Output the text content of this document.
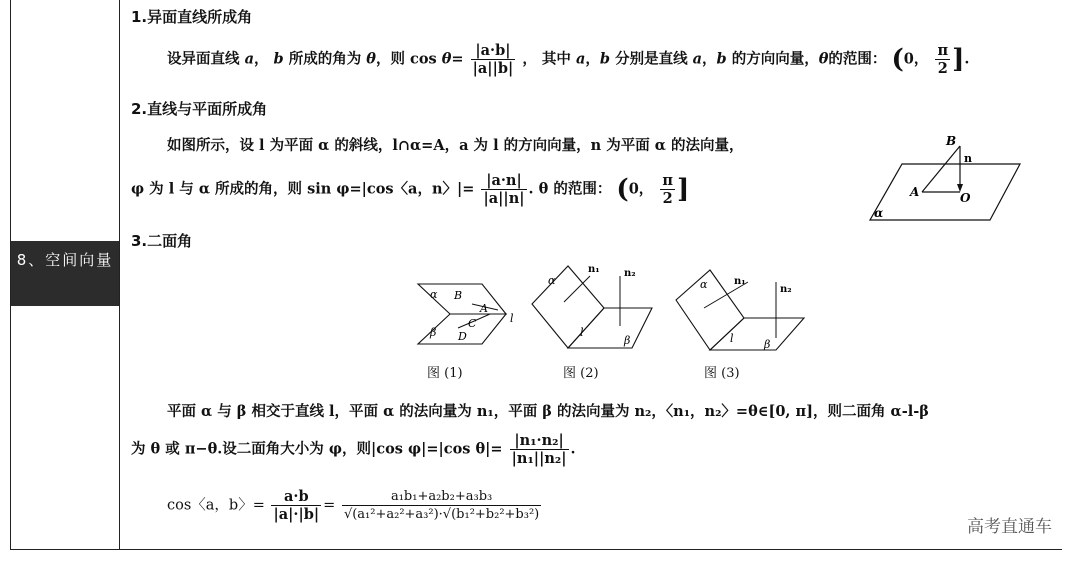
8、空间向量
1.异面直线所成角
设异面直线 a， b 所成的角为 θ，则 $\cos \theta= \frac{|a\cdot b|}{|a||b|}$ ， 其中 a，b 分别是直线 a，b 的方向向量，θ的范围： (0， $\frac{\pi}{2}$ ].
2.直线与平面所成角
如图所示，设 l 为平面 α 的斜线，l∩α=A，a 为 l 的方向向量，n 为平面 α 的法向量，
φ 为 l 与 α 所成的角，则 sin φ=|cos〈a，n〉|= $\frac{|a\cdot n|}{|a||n|}$ . θ 的范围： (0， $\frac{\pi}{2}$ ]
B
n
A	O
α
3.二面角
α B
A
C
D
β
l
α
n₁ n₂
l
β
α	n₁
n₂
l	β
图 (1)	图 (2)	图 (3)
平面 α 与 β 相交于直线 l，平面 α 的法向量为 n₁，平面 β 的法向量为 n₂，〈n₁，n₂〉=θ∈[0, π]，则二面角 α-l-β
为 θ 或 π−θ.设二面角大小为 φ，则|cos φ|=|cos $\theta|= \frac{\text{|n₁·n₂|}}{\text{|n₁||n₂|}}$ .
cos〈a，b〉= $\frac{a\cdot b}{|a|\cdot|b|} = \frac{\text{a₁b₁+a₂b₂+a₃b₃}}{\text{√(a₁²+a₂²+a₃²)·√(b₁²+b₂²+b₃²)}}$
高考直通车
